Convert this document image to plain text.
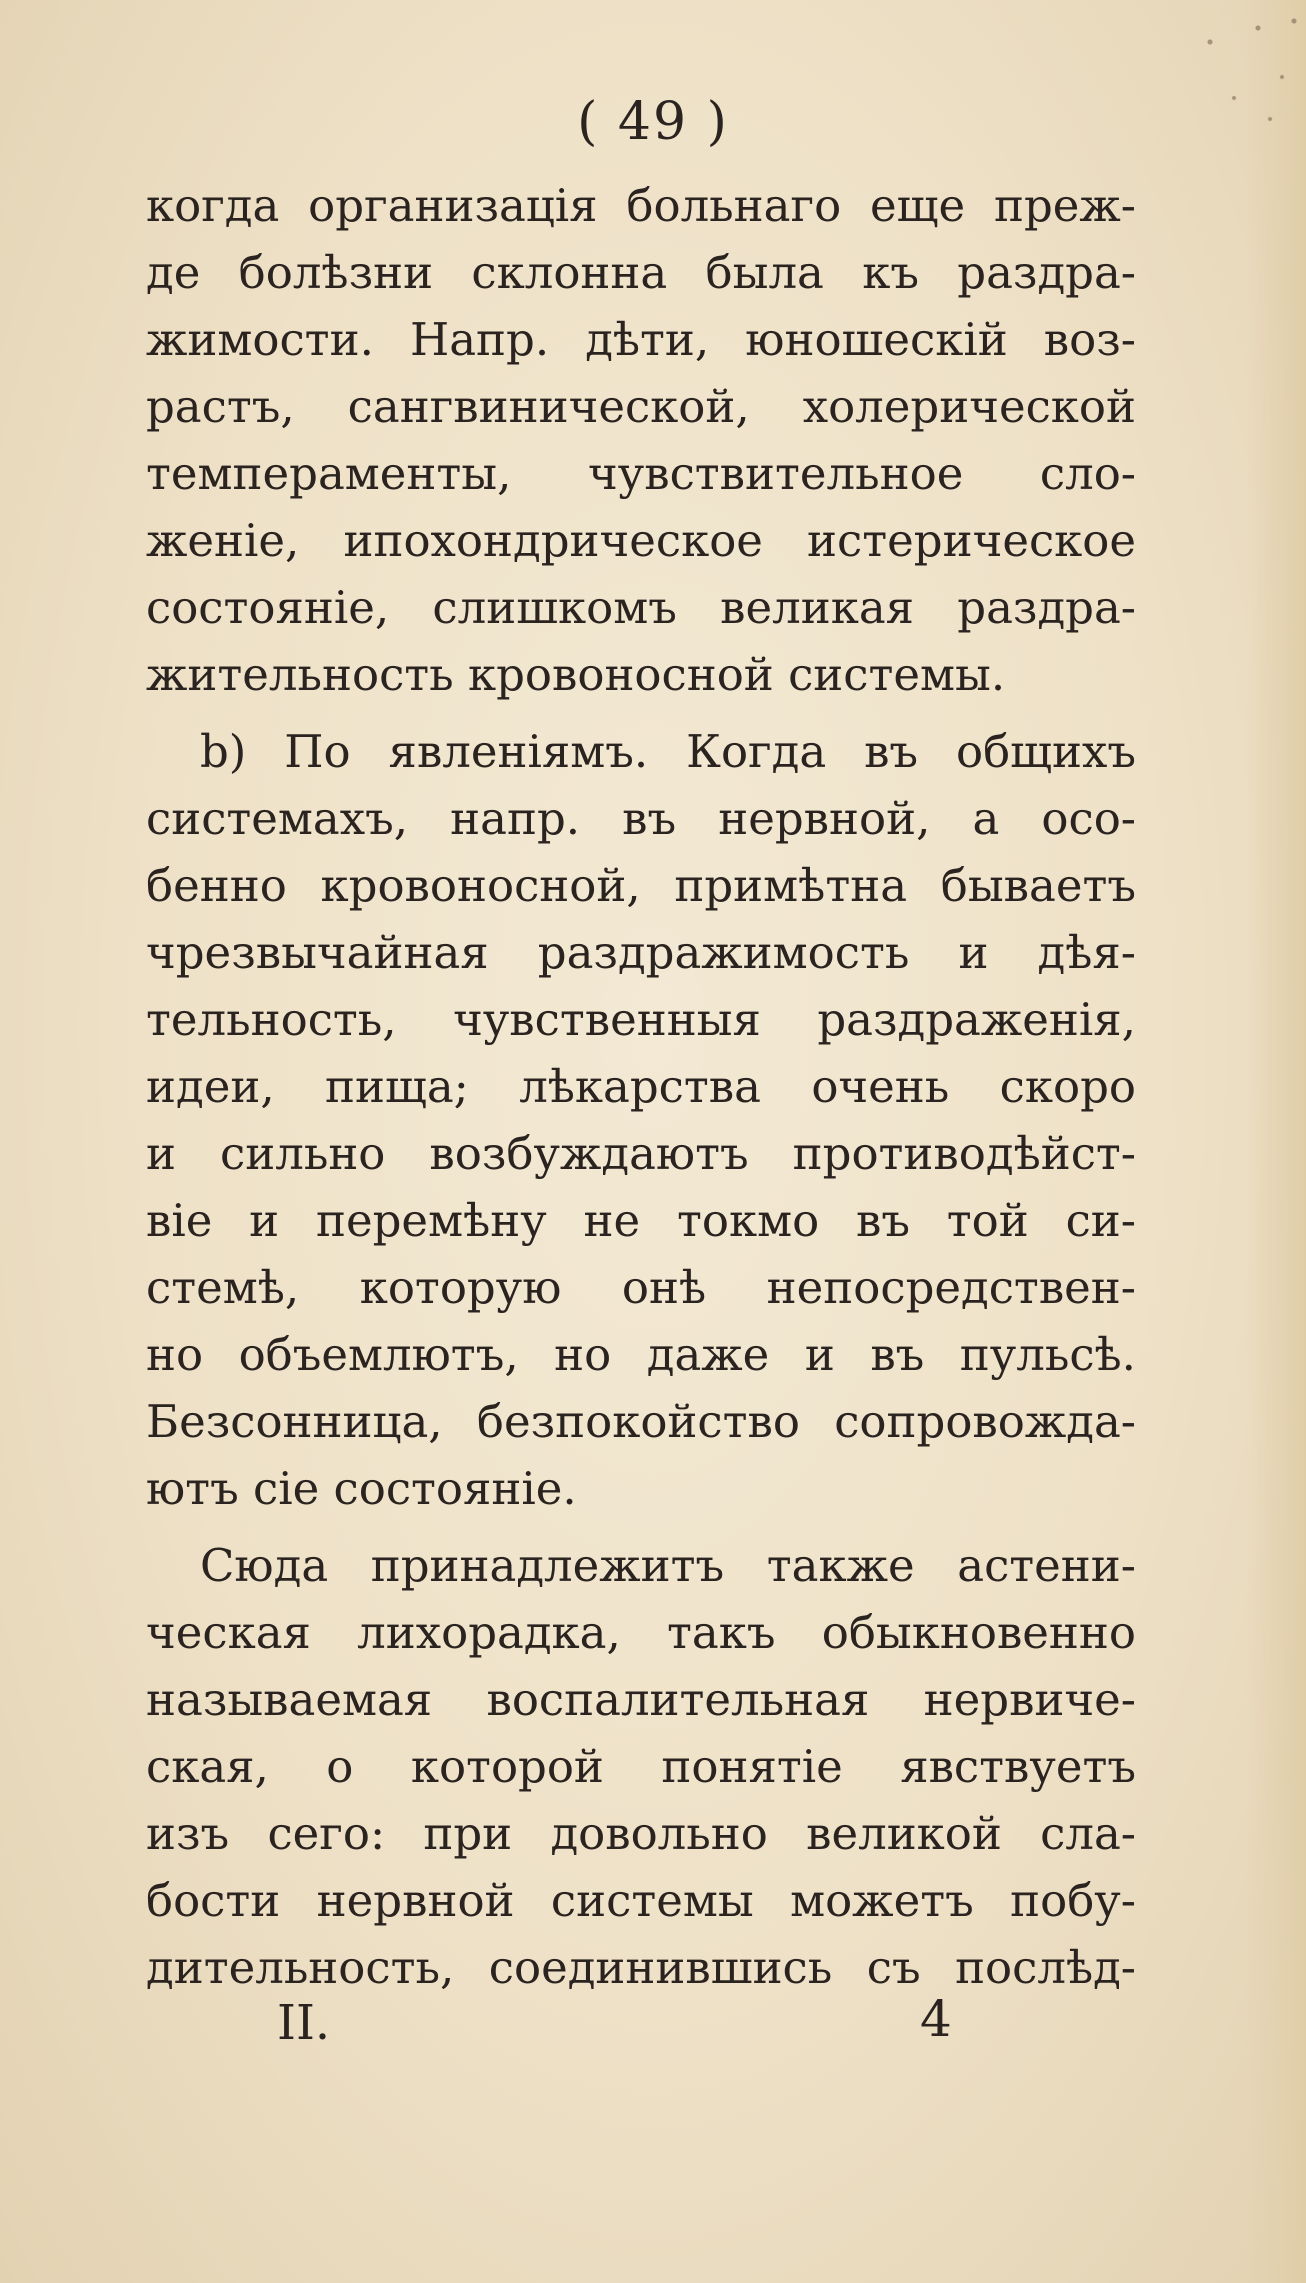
( 49 )
когда организація больнаго еще преж-
де болѣзни склонна была къ раздра-
жимости. Напр. дѣти, юношескій воз-
растъ, сангвинической, холерической
темпераменты, чувствительное сло-
женіе, ипохондрическое истерическое
состояніе, слишкомъ великая раздра-
жительность кровоносной системы.
b) По явленіямъ. Когда въ общихъ
системахъ, напр. въ нервной, а осо-
бенно кровоносной, примѣтна бываетъ
чрезвычайная раздражимость и дѣя-
тельность, чувственныя раздраженія,
идеи, пища; лѣкарства очень скоро
и сильно возбуждаютъ противодѣйст-
віе и перемѣну не токмо въ той си-
стемѣ, которую онѣ непосредствен-
но объемлютъ, но даже и въ пульсѣ.
Безсонница, безпокойство сопровожда-
ютъ сіе состояніе.
Сюда принадлежитъ также астени-
ческая лихорадка, такъ обыкновенно
называемая воспалительная нервиче-
ская, о которой понятіе явствуетъ
изъ сего: при довольно великой сла-
бости нервной системы можетъ побу-
дительность, соединившись съ послѣд-
II.	4
